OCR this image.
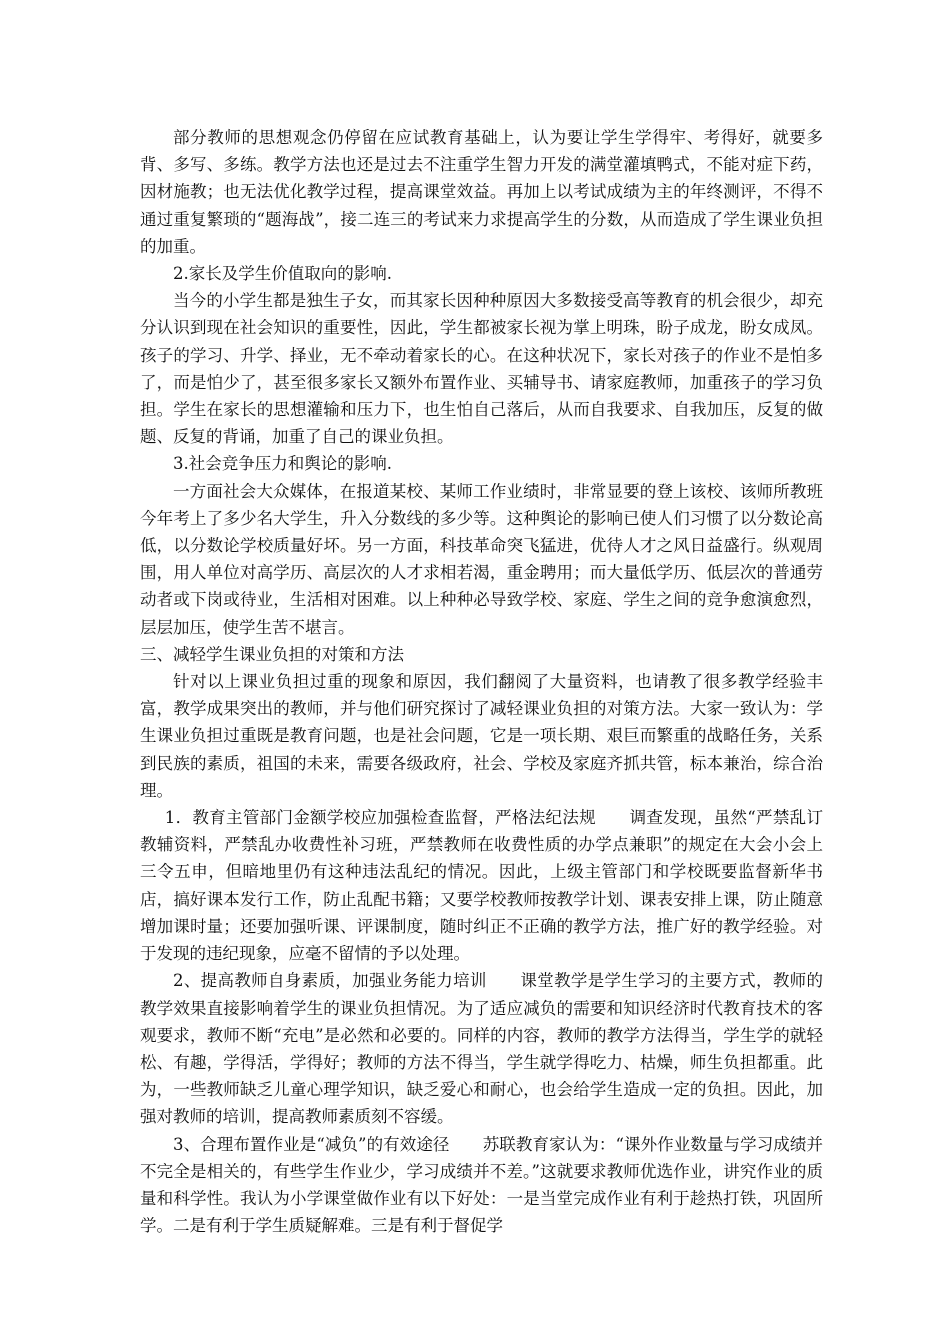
部分教师的思想观念仍停留在应试教育基础上，认为要让学生学得牢、考得好，就要多背、多写、多练。教学方法也还是过去不注重学生智力开发的满堂灌填鸭式，不能对症下药，因材施教；也无法优化教学过程，提高课堂效益。再加上以考试成绩为主的年终测评，不得不通过重复繁琐的“题海战”，接二连三的考试来力求提高学生的分数，从而造成了学生课业负担的加重。

2.家长及学生价值取向的影响.

当今的小学生都是独生子女，而其家长因种种原因大多数接受高等教育的机会很少，却充分认识到现在社会知识的重要性，因此，学生都被家长视为掌上明珠，盼子成龙，盼女成凤。孩子的学习、升学、择业，无不牵动着家长的心。在这种状况下，家长对孩子的作业不是怕多了，而是怕少了，甚至很多家长又额外布置作业、买辅导书、请家庭教师，加重孩子的学习负担。学生在家长的思想灌输和压力下，也生怕自己落后，从而自我要求、自我加压，反复的做题、反复的背诵，加重了自己的课业负担。

3.社会竞争压力和舆论的影响.

一方面社会大众媒体，在报道某校、某师工作业绩时，非常显要的登上该校、该师所教班今年考上了多少名大学生，升入分数线的多少等。这种舆论的影响已使人们习惯了以分数论高低，以分数论学校质量好坏。另一方面，科技革命突飞猛进，优待人才之风日益盛行。纵观周围，用人单位对高学历、高层次的人才求相若渴，重金聘用；而大量低学历、低层次的普通劳动者或下岗或待业，生活相对困难。以上种种必导致学校、家庭、学生之间的竞争愈演愈烈，层层加压，使学生苦不堪言。

三、减轻学生课业负担的对策和方法

针对以上课业负担过重的现象和原因，我们翻阅了大量资料，也请教了很多教学经验丰富，教学成果突出的教师，并与他们研究探讨了减轻课业负担的对策方法。大家一致认为：学生课业负担过重既是教育问题，也是社会问题，它是一项长期、艰巨而繁重的战略任务，关系到民族的素质，祖国的未来，需要各级政府，社会、学校及家庭齐抓共管，标本兼治，综合治理。

1．教育主管部门金额学校应加强检查监督，严格法纪法规　　调查发现，虽然“严禁乱订教辅资料，严禁乱办收费性补习班，严禁教师在收费性质的办学点兼职”的规定在大会小会上三令五申，但暗地里仍有这种违法乱纪的情况。因此，上级主管部门和学校既要监督新华书店，搞好课本发行工作，防止乱配书籍；又要学校教师按教学计划、课表安排上课，防止随意增加课时量；还要加强听课、评课制度，随时纠正不正确的教学方法，推广好的教学经验。对于发现的违纪现象，应毫不留情的予以处理。

2、提高教师自身素质，加强业务能力培训　　课堂教学是学生学习的主要方式，教师的教学效果直接影响着学生的课业负担情况。为了适应减负的需要和知识经济时代教育技术的客观要求，教师不断“充电”是必然和必要的。同样的内容，教师的教学方法得当，学生学的就轻松、有趣，学得活，学得好；教师的方法不得当，学生就学得吃力、枯燥，师生负担都重。此为，一些教师缺乏儿童心理学知识，缺乏爱心和耐心，也会给学生造成一定的负担。因此，加强对教师的培训，提高教师素质刻不容缓。

3、合理布置作业是“减负”的有效途径　　苏联教育家认为：“课外作业数量与学习成绩并不完全是相关的，有些学生作业少，学习成绩并不差。”这就要求教师优选作业，讲究作业的质量和科学性。我认为小学课堂做作业有以下好处：一是当堂完成作业有利于趁热打铁，巩固所学。二是有利于学生质疑解难。三是有利于督促学
